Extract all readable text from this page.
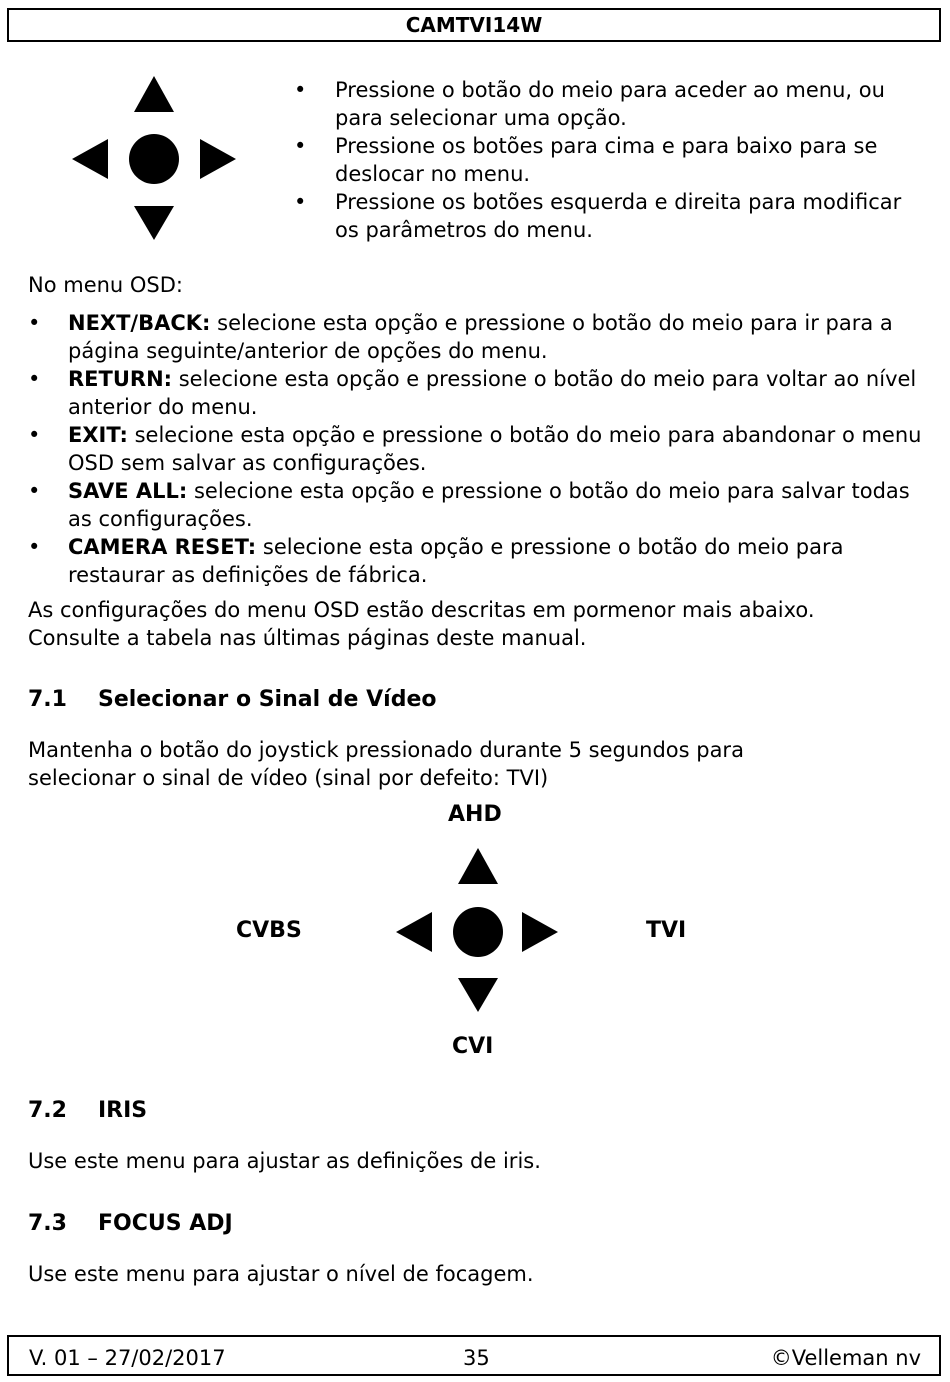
CAMTVI14W
• Pressione o botão do meio para aceder ao menu, ou para selecionar uma opção.
• Pressione os botões para cima e para baixo para se deslocar no menu.
• Pressione os botões esquerda e direita para modificar os parâmetros do menu.
No menu OSD:
• NEXT/BACK: selecione esta opção e pressione o botão do meio para ir para a página seguinte/anterior de opções do menu.
• RETURN: selecione esta opção e pressione o botão do meio para voltar ao nível anterior do menu.
• EXIT: selecione esta opção e pressione o botão do meio para abandonar o menu OSD sem salvar as configurações.
• SAVE ALL: selecione esta opção e pressione o botão do meio para salvar todas as configurações.
• CAMERA RESET: selecione esta opção e pressione o botão do meio para restaurar as definições de fábrica.
As configurações do menu OSD estão descritas em pormenor mais abaixo.
Consulte a tabela nas últimas páginas deste manual.
7.1 Selecionar o Sinal de Vídeo
Mantenha o botão do joystick pressionado durante 5 segundos para
selecionar o sinal de vídeo (sinal por defeito: TVI)
AHD
CVBS	TVI
CVI
7.2 IRIS
Use este menu para ajustar as definições de iris.
7.3 FOCUS ADJ
Use este menu para ajustar o nível de focagem.
V. 01 – 27/02/2017	35	©Velleman nv
